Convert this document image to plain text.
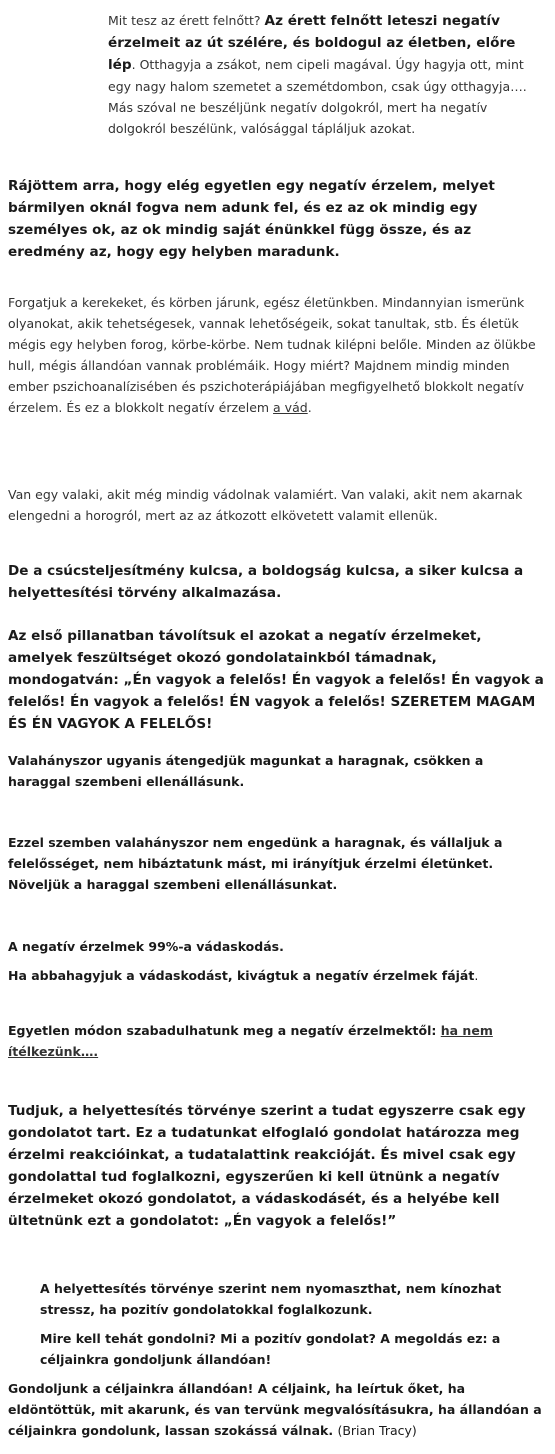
Mit tesz az érett felnőtt? Az érett felnőtt leteszi negatív érzelmeit az út szélére, és boldogul az életben, előre lép. Otthagyja a zsákot, nem cipeli magával. Úgy hagyja ott, mint egy nagy halom szemetet a szemétdombon, csak úgy otthagyja…. Más szóval ne beszéljünk negatív dolgokról, mert ha negatív dolgokról beszélünk, valósággal tápláljuk azokat.

Rájöttem arra, hogy elég egyetlen egy negatív érzelem, melyet bármilyen oknál fogva nem adunk fel, és ez az ok mindig egy személyes ok, az ok mindig saját énünkkel függ össze, és az eredmény az, hogy egy helyben maradunk.

Forgatjuk a kerekeket, és körben járunk, egész életünkben. Mindannyian ismerünk olyanokat, akik tehetségesek, vannak lehetőségeik, sokat tanultak, stb. És életük mégis egy helyben forog, körbe-körbe. Nem tudnak kilépni belőle. Minden az ölükbe hull, mégis állandóan vannak problémáik. Hogy miért? Majdnem mindig minden ember pszichoanalízisében és pszichoterápiájában megfigyelhető blokkolt negatív érzelem. És ez a blokkolt negatív érzelem a vád.

Van egy valaki, akit még mindig vádolnak valamiért. Van valaki, akit nem akarnak elengedni a horogról, mert az az átkozott elkövetett valamit ellenük.

De a csúcsteljesítmény kulcsa, a boldogság kulcsa, a siker kulcsa a helyettesítési törvény alkalmazása.

Az első pillanatban távolítsuk el azokat a negatív érzelmeket, amelyek feszültséget okozó gondolatainkból támadnak, mondogatván: „Én vagyok a felelős! Én vagyok a felelős! Én vagyok a felelős! Én vagyok a felelős! ÉN vagyok a felelős! SZERETEM MAGAM ÉS ÉN VAGYOK A FELELŐS!

Valahányszor ugyanis átengedjük magunkat a haragnak, csökken a haraggal szembeni ellenállásunk.

Ezzel szemben valahányszor nem engedünk a haragnak, és vállaljuk a felelősséget, nem hibáztatunk mást, mi irányítjuk érzelmi életünket. Növeljük a haraggal szembeni ellenállásunkat.

A negatív érzelmek 99%-a vádaskodás.

Ha abbahagyjuk a vádaskodást, kivágtuk a negatív érzelmek fáját.

Egyetlen módon szabadulhatunk meg a negatív érzelmektől: ha nem ítélkezünk….

Tudjuk, a helyettesítés törvénye szerint a tudat egyszerre csak egy gondolatot tart. Ez a tudatunkat elfoglaló gondolat határozza meg érzelmi reakcióinkat, a tudatalattink reakcióját. És mivel csak egy gondolattal tud foglalkozni, egyszerűen ki kell ütnünk a negatív érzelmeket okozó gondolatot, a vádaskodásét, és a helyébe kell ültetnünk ezt a gondolatot: „Én vagyok a felelős!”

A helyettesítés törvénye szerint nem nyomaszthat, nem kínozhat stressz, ha pozitív gondolatokkal foglalkozunk.

Mire kell tehát gondolni? Mi a pozitív gondolat? A megoldás ez: a céljainkra gondoljunk állandóan!

Gondoljunk a céljainkra állandóan! A céljaink, ha leírtuk őket, ha eldöntöttük, mit akarunk, és van tervünk megvalósításukra, ha állandóan a céljainkra gondolunk, lassan szokássá válnak. (Brian Tracy)
